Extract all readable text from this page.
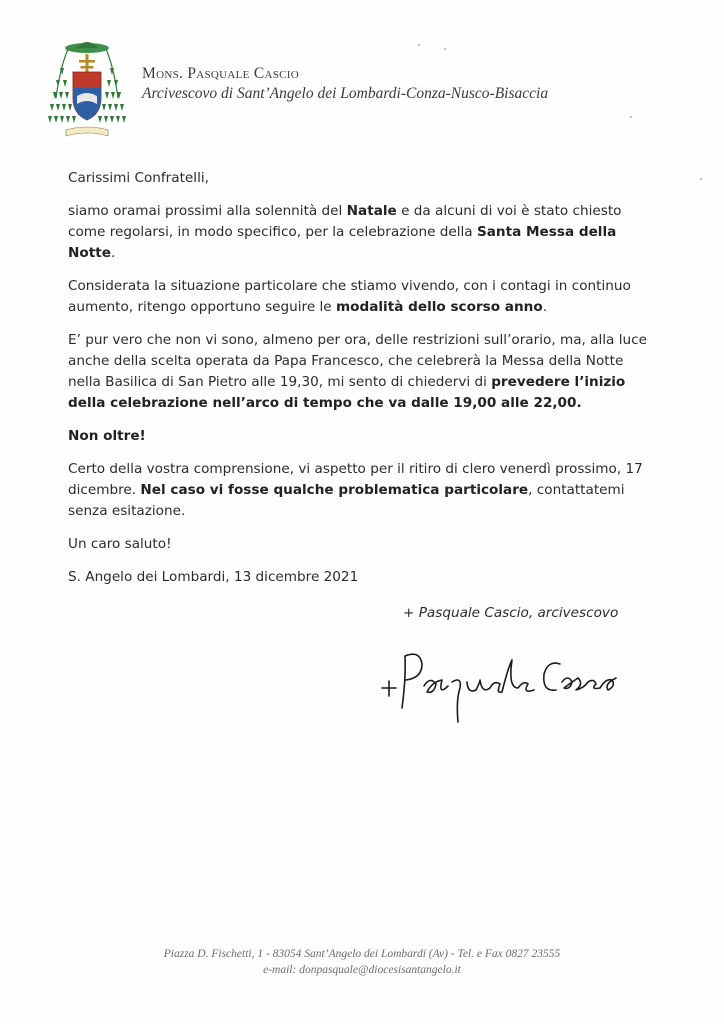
Mons. Pasquale Cascio
Arcivescovo di Sant’Angelo dei Lombardi-Conza-Nusco-Bisaccia

Carissimi Confratelli,

siamo oramai prossimi alla solennità del Natale e da alcuni di voi è stato chiesto come regolarsi, in modo specifico, per la celebrazione della Santa Messa della Notte.

Considerata la situazione particolare che stiamo vivendo, con i contagi in continuo aumento, ritengo opportuno seguire le modalità dello scorso anno.

E’ pur vero che non vi sono, almeno per ora, delle restrizioni sull’orario, ma, alla luce anche della scelta operata da Papa Francesco, che celebrerà la Messa della Notte nella Basilica di San Pietro alle 19,30, mi sento di chiedervi di prevedere l’inizio della celebrazione nell’arco di tempo che va dalle 19,00 alle 22,00.

Non oltre!

Certo della vostra comprensione, vi aspetto per il ritiro di clero venerdì prossimo, 17 dicembre. Nel caso vi fosse qualche problematica particolare, contattatemi senza esitazione.

Un caro saluto!

S. Angelo dei Lombardi, 13 dicembre 2021

+ Pasquale Cascio, arcivescovo
Piazza D. Fischetti, 1 - 83054 Sant’Angelo dei Lombardi (Av) - Tel. e Fax 0827 23555
e-mail: donpasquale@diocesisantangelo.it
